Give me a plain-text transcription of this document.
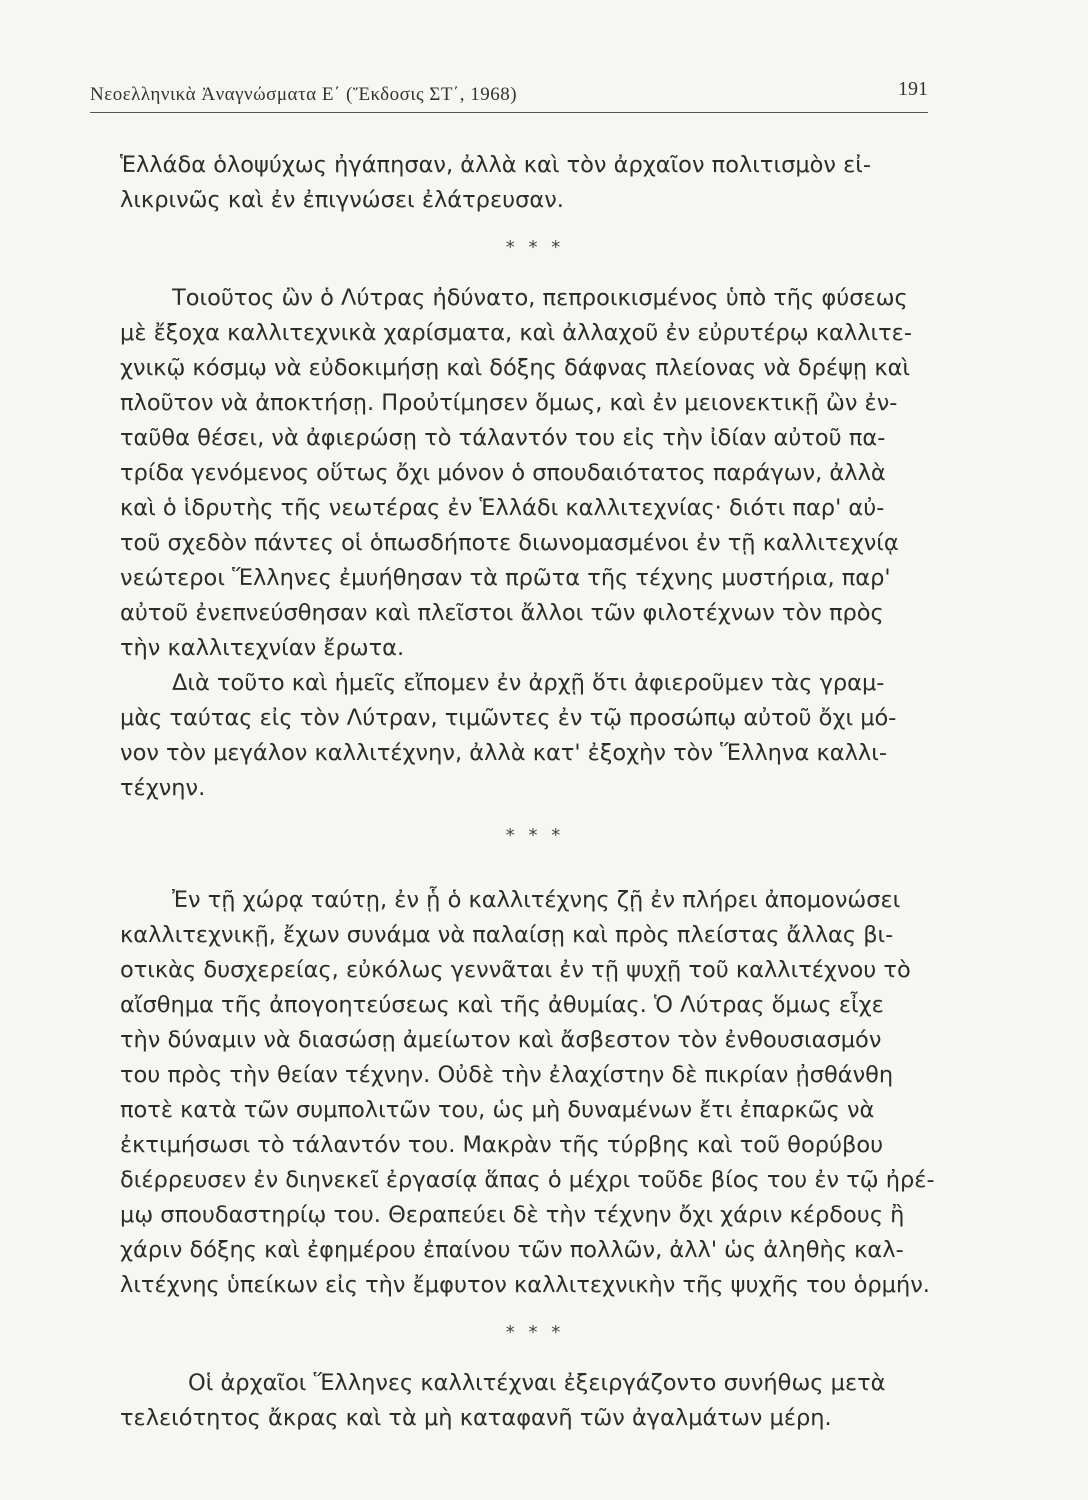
Νεοελληνικὰ Ἀναγνώσματα Ε΄ (Ἔκδοσις ΣΤ΄, 1968)	191
Ἑλλάδα ὁλοψύχως ἠγάπησαν, ἀλλὰ καὶ τὸν ἀρχαῖον πολιτισμὸν εἰ-
λικρινῶς καὶ ἐν ἐπιγνώσει ἐλάτρευσαν.
* * *
Τοιοῦτος ὢν ὁ Λύτρας ἠδύνατο, πεπροικισμένος ὑπὸ τῆς φύσεως
μὲ ἔξοχα καλλιτεχνικὰ χαρίσματα, καὶ ἀλλαχοῦ ἐν εὐρυτέρῳ καλλιτε-
χνικῷ κόσμῳ νὰ εὐδοκιμήσῃ καὶ δόξης δάφνας πλείονας νὰ δρέψῃ καὶ
πλοῦτον νὰ ἀποκτήσῃ. Προὐτίμησεν ὅμως, καὶ ἐν μειονεκτικῇ ὢν ἐν-
ταῦθα θέσει, νὰ ἀφιερώσῃ τὸ τάλαντόν του εἰς τὴν ἰδίαν αὐτοῦ πα-
τρίδα γενόμενος οὕτως ὄχι μόνον ὁ σπουδαιότατος παράγων, ἀλλὰ
καὶ ὁ ἱδρυτὴς τῆς νεωτέρας ἐν Ἑλλάδι καλλιτεχνίας· διότι παρ' αὐ-
τοῦ σχεδὸν πάντες οἱ ὁπωσδήποτε διωνομασμένοι ἐν τῇ καλλιτεχνίᾳ
νεώτεροι Ἕλληνες ἐμυήθησαν τὰ πρῶτα τῆς τέχνης μυστήρια, παρ'
αὐτοῦ ἐνεπνεύσθησαν καὶ πλεῖστοι ἄλλοι τῶν φιλοτέχνων τὸν πρὸς
τὴν καλλιτεχνίαν ἔρωτα.
Διὰ τοῦτο καὶ ἡμεῖς εἴπομεν ἐν ἀρχῇ ὅτι ἀφιεροῦμεν τὰς γραμ-
μὰς ταύτας εἰς τὸν Λύτραν, τιμῶντες ἐν τῷ προσώπῳ αὐτοῦ ὄχι μό-
νον τὸν μεγάλον καλλιτέχνην, ἀλλὰ κατ' ἐξοχὴν τὸν Ἕλληνα καλλι-
τέχνην.
* * *
Ἐν τῇ χώρᾳ ταύτῃ, ἐν ᾗ ὁ καλλιτέχνης ζῇ ἐν πλήρει ἀπομονώσει
καλλιτεχνικῇ, ἔχων συνάμα νὰ παλαίσῃ καὶ πρὸς πλείστας ἄλλας βι-
οτικὰς δυσχερείας, εὐκόλως γεννᾶται ἐν τῇ ψυχῇ τοῦ καλλιτέχνου τὸ
αἴσθημα τῆς ἀπογοητεύσεως καὶ τῆς ἀθυμίας. Ὁ Λύτρας ὅμως εἶχε
τὴν δύναμιν νὰ διασώσῃ ἀμείωτον καὶ ἄσβεστον τὸν ἐνθουσιασμόν
του πρὸς τὴν θείαν τέχνην. Οὐδὲ τὴν ἐλαχίστην δὲ πικρίαν ᾐσθάνθη
ποτὲ κατὰ τῶν συμπολιτῶν του, ὡς μὴ δυναμένων ἔτι ἐπαρκῶς νὰ
ἐκτιμήσωσι τὸ τάλαντόν του. Μακρὰν τῆς τύρβης καὶ τοῦ θορύβου
διέρρευσεν ἐν διηνεκεῖ ἐργασίᾳ ἅπας ὁ μέχρι τοῦδε βίος του ἐν τῷ ἠρέ-
μῳ σπουδαστηρίῳ του. Θεραπεύει δὲ τὴν τέχνην ὄχι χάριν κέρδους ἢ
χάριν δόξης καὶ ἐφημέρου ἐπαίνου τῶν πολλῶν, ἀλλ' ὡς ἀληθὴς καλ-
λιτέχνης ὑπείκων εἰς τὴν ἔμφυτον καλλιτεχνικὴν τῆς ψυχῆς του ὁρμήν.
* * *
Οἱ ἀρχαῖοι Ἕλληνες καλλιτέχναι ἐξειργάζοντο συνήθως μετὰ
τελειότητος ἄκρας καὶ τὰ μὴ καταφανῆ τῶν ἀγαλμάτων μέρη.
